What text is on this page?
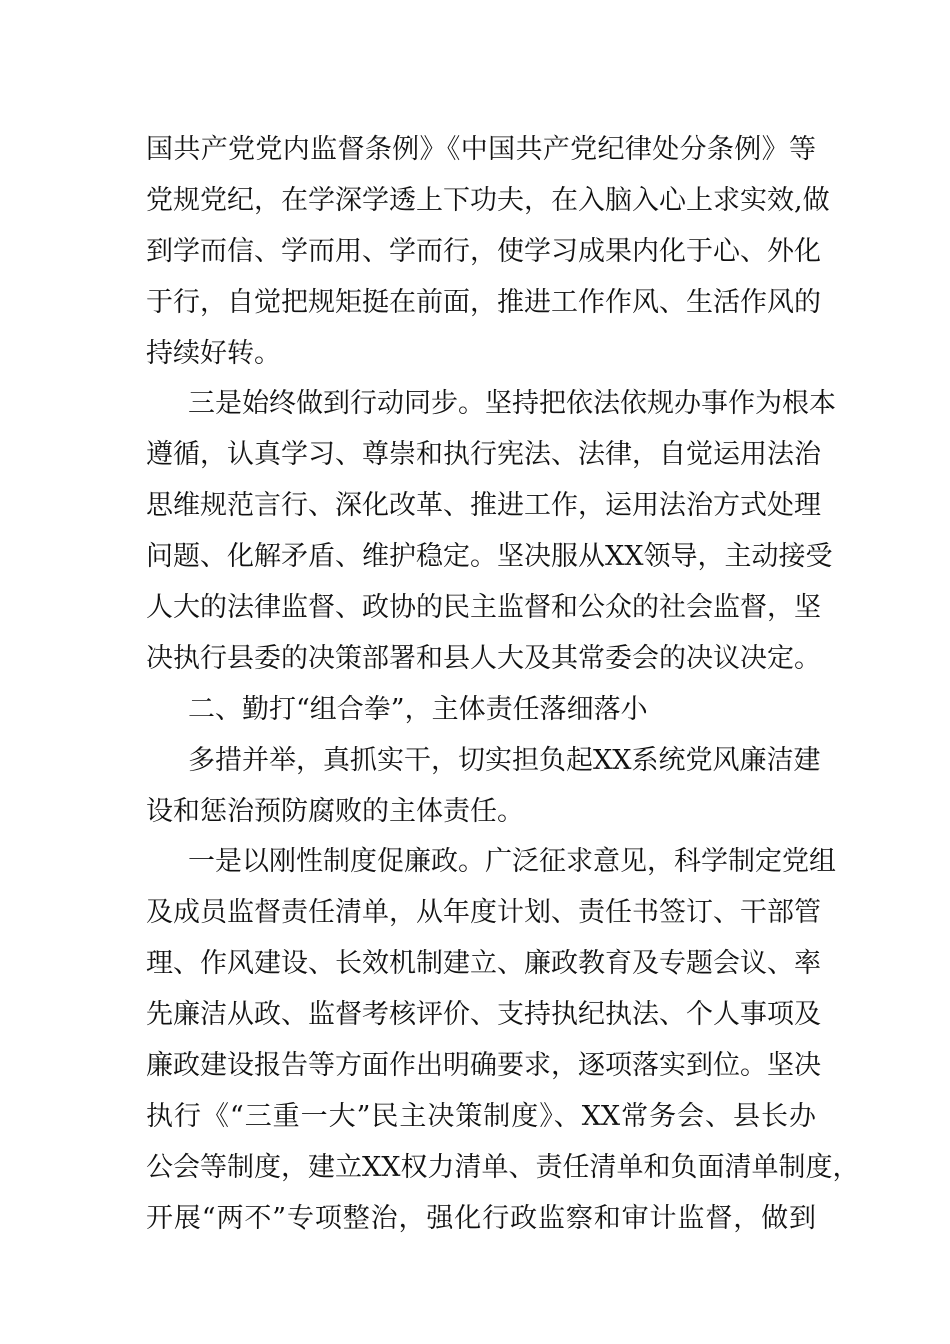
国共产党党内监督条例》《中国共产党纪律处分条例》等
党规党纪，在学深学透上下功夫，在入脑入心上求实效,做
到学而信、学而用、学而行，使学习成果内化于心、外化
于行，自觉把规矩挺在前面，推进工作作风、生活作风的
持续好转。
三是始终做到行动同步。坚持把依法依规办事作为根本
遵循，认真学习、尊崇和执行宪法、法律，自觉运用法治
思维规范言行、深化改革、推进工作，运用法治方式处理
问题、化解矛盾、维护稳定。坚决服从XX领导，主动接受
人大的法律监督、政协的民主监督和公众的社会监督，坚
决执行县委的决策部署和县人大及其常委会的决议决定。
二、勤打“组合拳”，主体责任落细落小
多措并举，真抓实干，切实担负起XX系统党风廉洁建
设和惩治预防腐败的主体责任。
一是以刚性制度促廉政。广泛征求意见，科学制定党组
及成员监督责任清单，从年度计划、责任书签订、干部管
理、作风建设、长效机制建立、廉政教育及专题会议、率
先廉洁从政、监督考核评价、支持执纪执法、个人事项及
廉政建设报告等方面作出明确要求，逐项落实到位。坚决
执行《“三重一大”民主决策制度》、XX常务会、县长办
公会等制度，建立XX权力清单、责任清单和负面清单制度，
开展“两不”专项整治，强化行政监察和审计监督，做到
